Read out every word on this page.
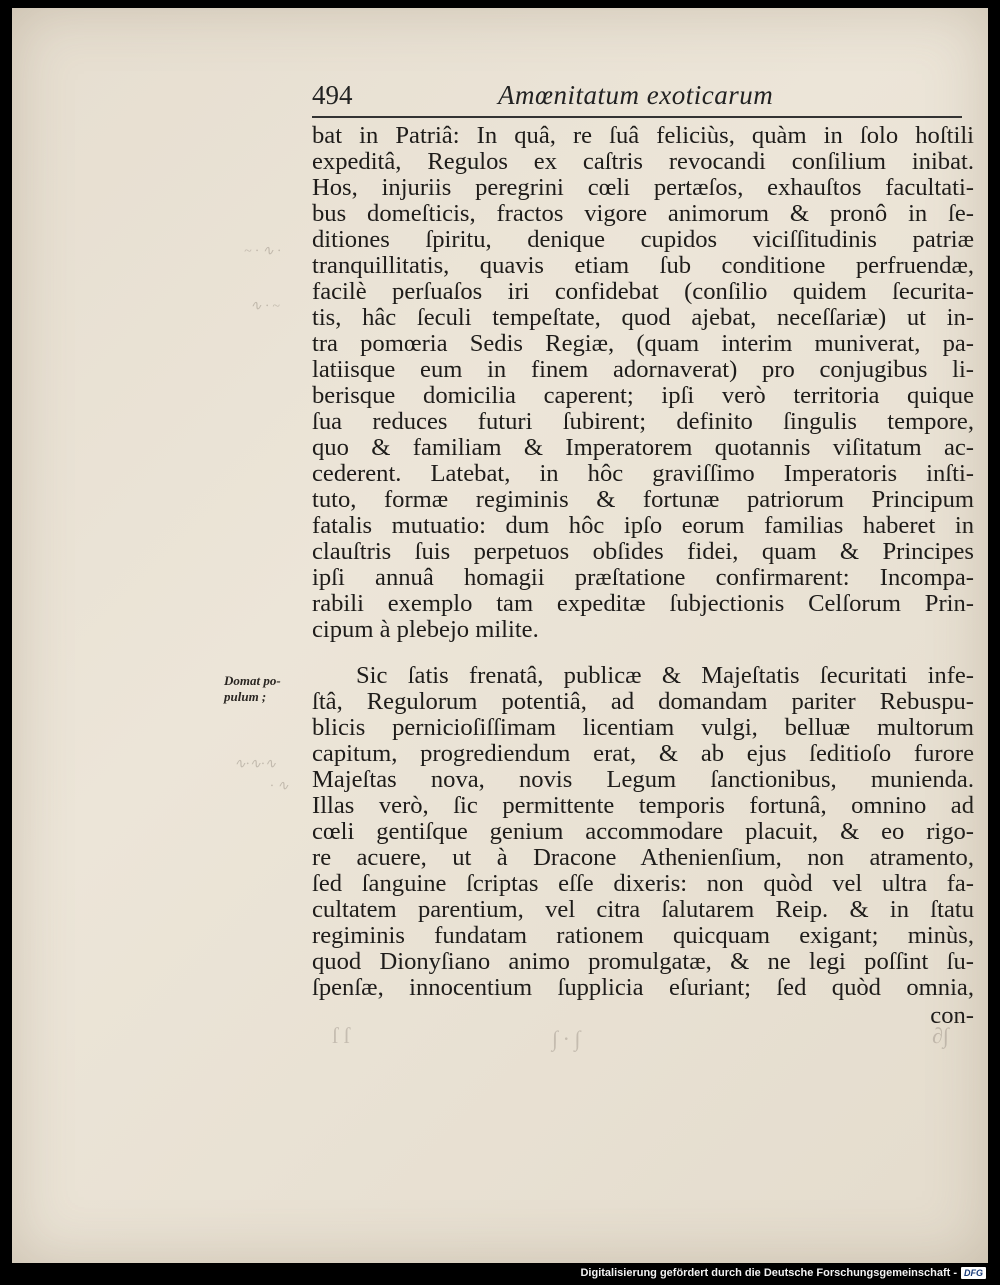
494	Amœnitatum exoticarum
Domat po-
pulum ;
~ ∙ ∿ ∙
∿ ∙ ~
∿∙∿∙∿
∙ ∿
bat in Patriâ: In quâ, re ſuâ feliciùs, quàm in ſolo hoſtili
expeditâ, Regulos ex caſtris revocandi conſilium inibat.
Hos, injuriis peregrini cœli pertæſos, exhauſtos facultati-
bus domeſticis, fractos vigore animorum & pronô in ſe-
ditiones ſpiritu, denique cupidos viciſſitudinis patriæ
tranquillitatis, quavis etiam ſub conditione perfruendæ,
facilè perſuaſos iri confidebat (conſilio quidem ſecurita-
tis, hâc ſeculi tempeſtate, quod ajebat, neceſſariæ) ut in-
tra pomœria Sedis Regiæ, (quam interim muniverat, pa-
latiisque eum in finem adornaverat) pro conjugibus li-
berisque domicilia caperent; ipſi verò territoria quique
ſua reduces futuri ſubirent; definito ſingulis tempore,
quo & familiam & Imperatorem quotannis viſitatum ac-
cederent. Latebat, in hôc graviſſimo Imperatoris inſti-
tuto, formæ regiminis & fortunæ patriorum Principum
fatalis mutuatio: dum hôc ipſo eorum familias haberet in
clauſtris ſuis perpetuos obſides fidei, quam & Principes
ipſi annuâ homagii præſtatione confirmarent: Incompa-
rabili exemplo tam expeditæ ſubjectionis Celſorum Prin-
cipum à plebejo milite.
Sic ſatis frenatâ, publicæ & Majeſtatis ſecuritati infe-
ſtâ, Regulorum potentiâ, ad domandam pariter Rebuspu-
blicis pernicioſiſſimam licentiam vulgi, belluæ multorum
capitum, progrediendum erat, & ab ejus ſeditioſo furore
Majeſtas nova, novis Legum ſanctionibus, munienda.
Illas verò, ſic permittente temporis fortunâ, omnino ad
cœli gentiſque genium accommodare placuit, & eo rigo-
re acuere, ut à Dracone Athenienſium, non atramento,
ſed ſanguine ſcriptas eſſe dixeris: non quòd vel ultra fa-
cultatem parentium, vel citra ſalutarem Reip. & in ſtatu
regiminis fundatam rationem quicquam exigant; minùs,
quod Dionyſiano animo promulgatæ, & ne legi poſſint ſu-
ſpenſæ, innocentium ſupplicia eſuriant; ſed quòd omnia,
con-
ſ ſ	∫ ∙ ∫	∂∫
Digitalisierung gefördert durch die Deutsche Forschungsgemeinschaft - DFG
